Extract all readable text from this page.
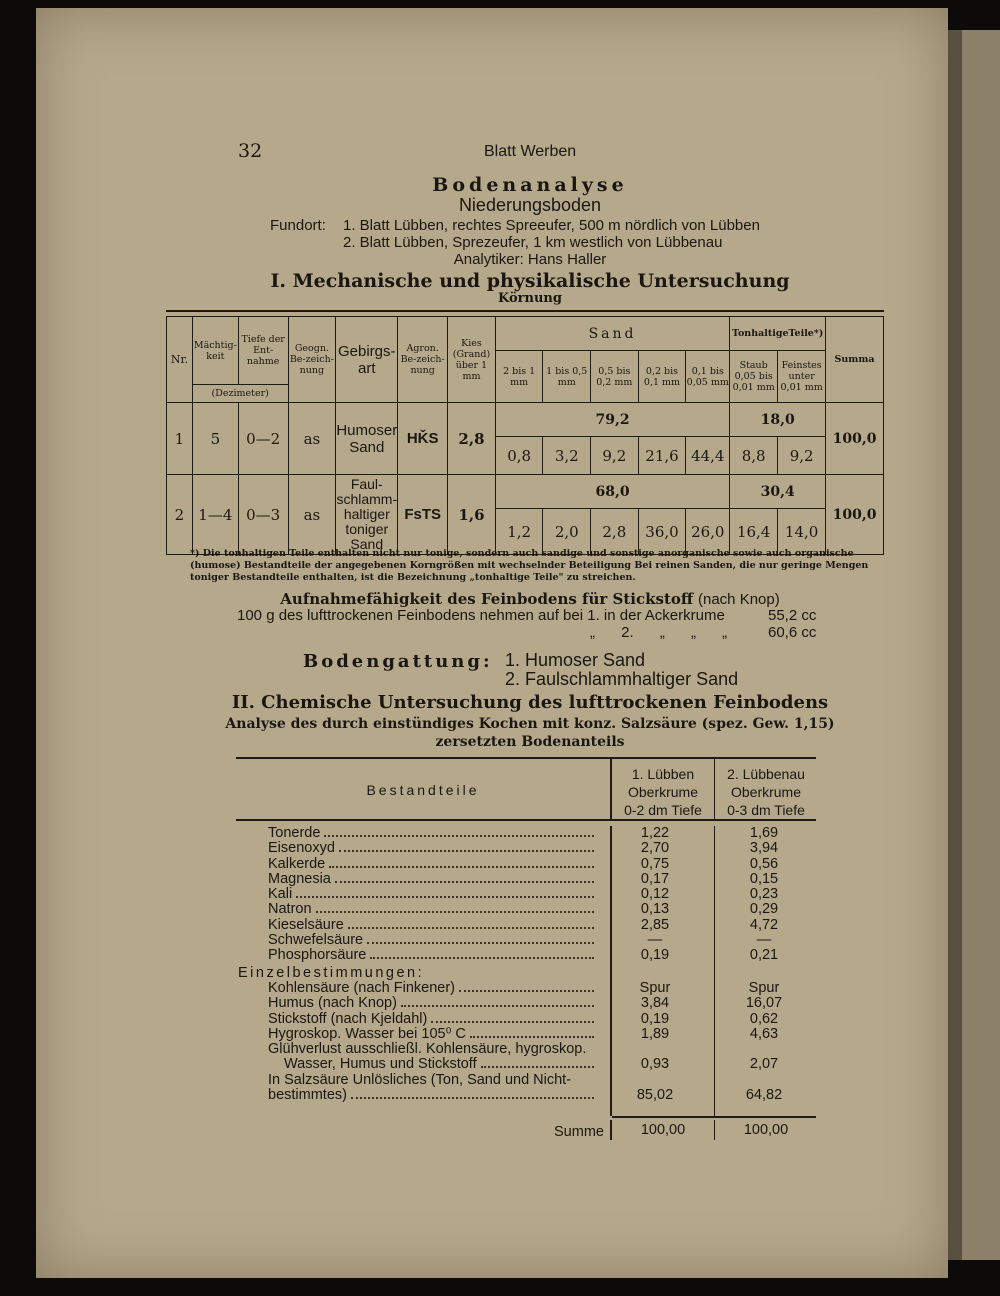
32	Blatt Werben
Bodenanalyse
Niederungsboden
Fundort: 1. Blatt Lübben, rechtes Spreeufer, 500 m nördlich von Lübben
2. Blatt Lübben, Sprezeufer, 1 km westlich von Lübbenau
Analytiker: Hans Haller
I. Mechanische und physikalische Untersuchung
Körnung
Nr.	Mächtig-keit	Tiefe der Ent-nahme	Geogn. Be-zeich-nung	Gebirgs-art	Agron. Be-zeich-nung	Kies (Grand) über 1 mm	Sand					TonhaltigeTeile*)		Summa
							2 bis 1 mm	1 bis 0,5 mm	0,5 bis 0,2 mm	0,2 bis 0,1 mm	0,1 bis 0,05 mm	Staub 0,05 bis 0,01 mm	Feinstes unter 0,01 mm	
	(Dezimeter)													
1	5	0—2	as	Humoser Sand	HǨS	2,8	79,2					18,0		100,0
							0,8	3,2	9,2	21,6	44,4	8,8	9,2	
2	1—4	0—3	as	Faul-schlamm-haltiger toniger Sand	FsTS	1,6	68,0					30,4		100,0
							1,2	2,0	2,8	36,0	26,0	16,4	14,0	
*) Die tonhaltigen Teile enthalten nicht nur tonige, sondern auch sandige und sonstige anorganische sowie auch organische (humose) Bestandteile der angegebenen Korngrößen mit wechselnder Beteiligung Bei reinen Sanden, die nur geringe Mengen toniger Bestandteile enthalten, ist die Bezeichnung „tonhaltige Teile" zu streichen.
Aufnahmefähigkeit des Feinbodens für Stickstoff (nach Knop)
100 g des lufttrockenen Feinbodens nehmen auf bei 1. in der Ackerkrume	55,2 cc
„ 2. „ „ „	60,6 cc
Bodengattung: 1. Humoser Sand
2. Faulschlammhaltiger Sand
II. Chemische Untersuchung des lufttrockenen Feinbodens
Analyse des durch einstündiges Kochen mit konz. Salzsäure (spez. Gew. 1,15)
zersetzten Bodenanteils
Bestandteile
1. Lübben
Oberkrume
0-2 dm Tiefe
2. Lübbenau
Oberkrume
0-3 dm Tiefe
Tonerde	1,22	1,69
Eisenoxyd	2,70	3,94
Kalkerde	0,75	0,56
Magnesia	0,17	0,15
Kali	0,12	0,23
Natron	0,13	0,29
Kieselsäure	2,85	4,72
Schwefelsäure	—	—
Phosphorsäure	0,19	0,21
Einzelbestimmungen:
Kohlensäure (nach Finkener)	Spur	Spur
Humus (nach Knop)	3,84	16,07
Stickstoff (nach Kjeldahl)	0,19	0,62
Hygroskop. Wasser bei 105⁰ C	1,89	4,63
Glühverlust ausschließl. Kohlensäure, hygroskop.
Wasser, Humus und Stickstoff	0,93	2,07
In Salzsäure Unlösliches (Ton, Sand und Nicht-
bestimmtes)	85,02	64,82
Summe	100,00	100,00
